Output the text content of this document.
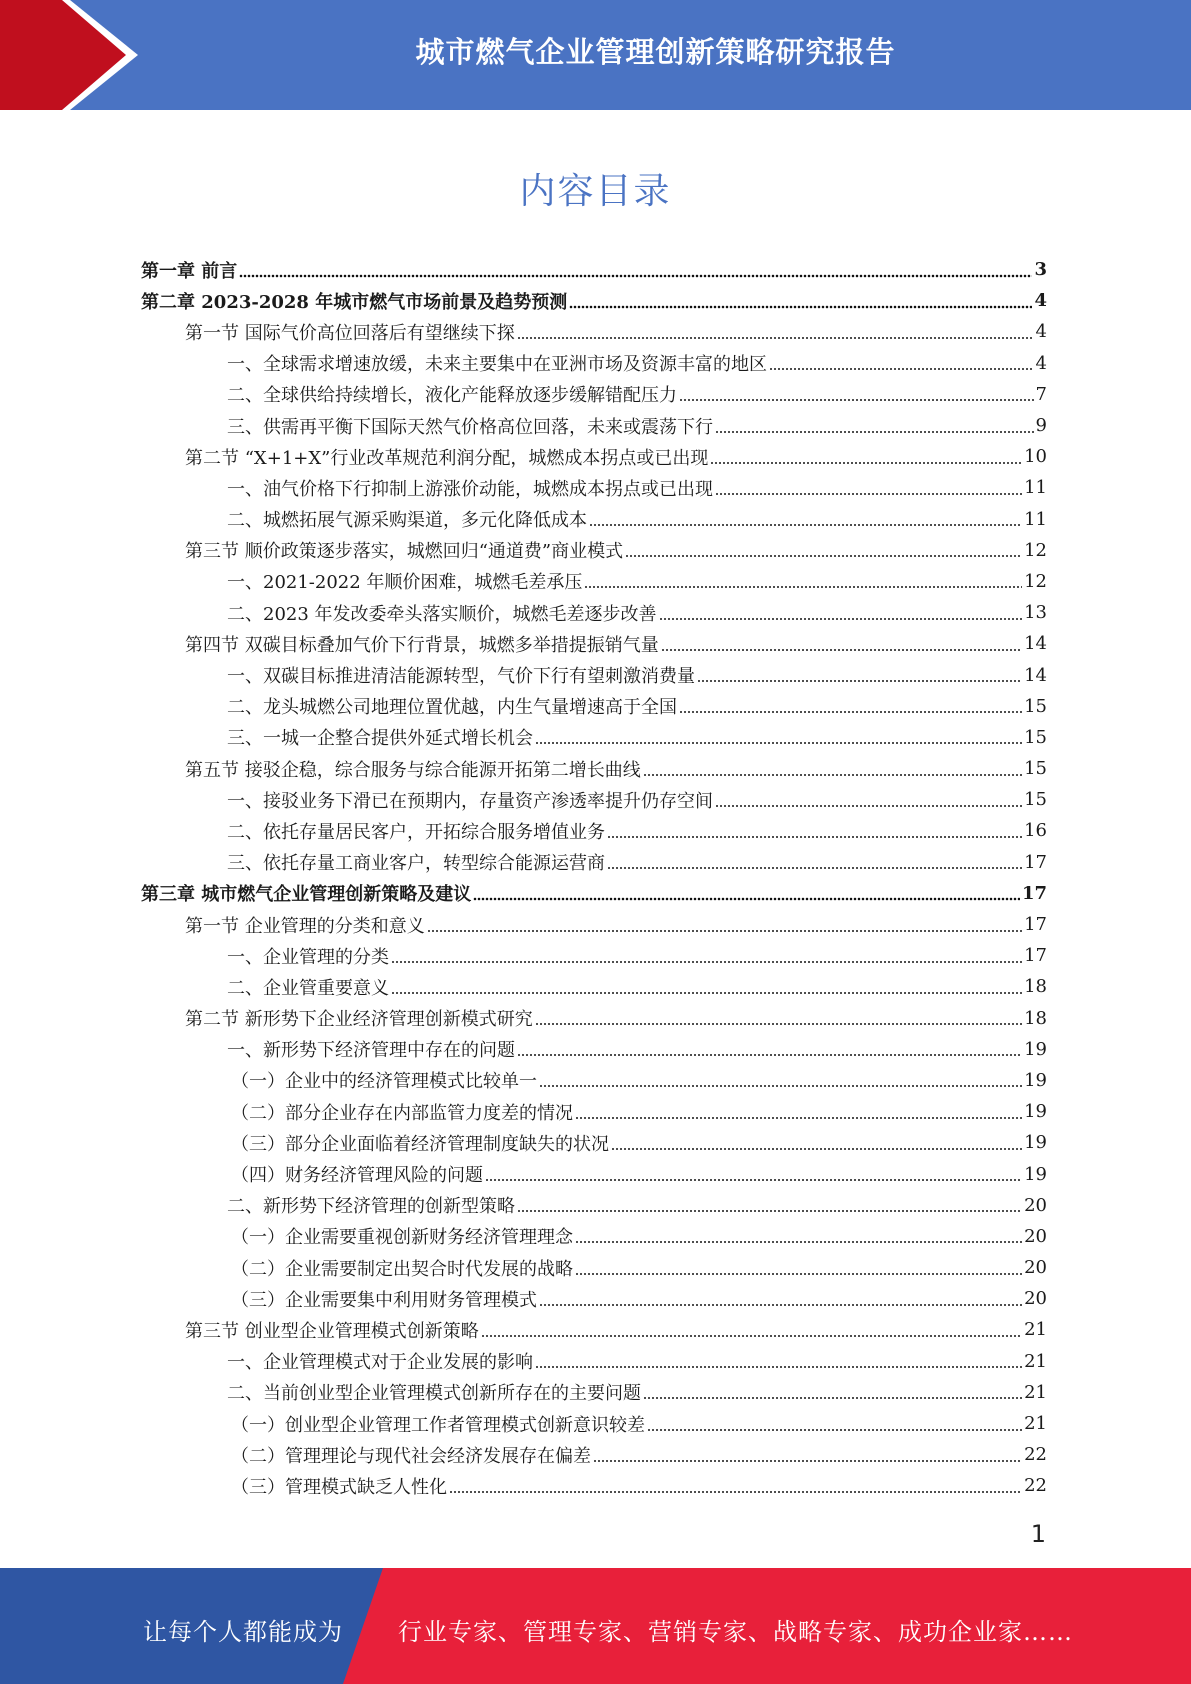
城市燃气企业管理创新策略研究报告
内容目录
第一章 前言	3
第二章 2023-2028 年城市燃气市场前景及趋势预测	4
第一节 国际气价高位回落后有望继续下探	4
一、全球需求增速放缓，未来主要集中在亚洲市场及资源丰富的地区	4
二、全球供给持续增长，液化产能释放逐步缓解错配压力	7
三、供需再平衡下国际天然气价格高位回落，未来或震荡下行	9
第二节 “X+1+X”行业改革规范利润分配，城燃成本拐点或已出现	10
一、油气价格下行抑制上游涨价动能，城燃成本拐点或已出现	11
二、城燃拓展气源采购渠道，多元化降低成本	11
第三节 顺价政策逐步落实，城燃回归“通道费”商业模式	12
一、2021-2022 年顺价困难，城燃毛差承压	12
二、2023 年发改委牵头落实顺价，城燃毛差逐步改善	13
第四节 双碳目标叠加气价下行背景，城燃多举措提振销气量	14
一、双碳目标推进清洁能源转型，气价下行有望刺激消费量	14
二、龙头城燃公司地理位置优越，内生气量增速高于全国	15
三、一城一企整合提供外延式增长机会	15
第五节 接驳企稳，综合服务与综合能源开拓第二增长曲线	15
一、接驳业务下滑已在预期内，存量资产渗透率提升仍存空间	15
二、依托存量居民客户，开拓综合服务增值业务	16
三、依托存量工商业客户，转型综合能源运营商	17
第三章 城市燃气企业管理创新策略及建议	17
第一节 企业管理的分类和意义	17
一、企业管理的分类	17
二、企业管重要意义	18
第二节 新形势下企业经济管理创新模式研究	18
一、新形势下经济管理中存在的问题	19
（一）企业中的经济管理模式比较单一	19
（二）部分企业存在内部监管力度差的情况	19
（三）部分企业面临着经济管理制度缺失的状况	19
（四）财务经济管理风险的问题	19
二、新形势下经济管理的创新型策略	20
（一）企业需要重视创新财务经济管理理念	20
（二）企业需要制定出契合时代发展的战略	20
（三）企业需要集中利用财务管理模式	20
第三节 创业型企业管理模式创新策略	21
一、企业管理模式对于企业发展的影响	21
二、当前创业型企业管理模式创新所存在的主要问题	21
（一）创业型企业管理工作者管理模式创新意识较差	21
（二）管理理论与现代社会经济发展存在偏差	22
（三）管理模式缺乏人性化	22
1
让每个人都能成为 行业专家、管理专家、营销专家、战略专家、成功企业家……
